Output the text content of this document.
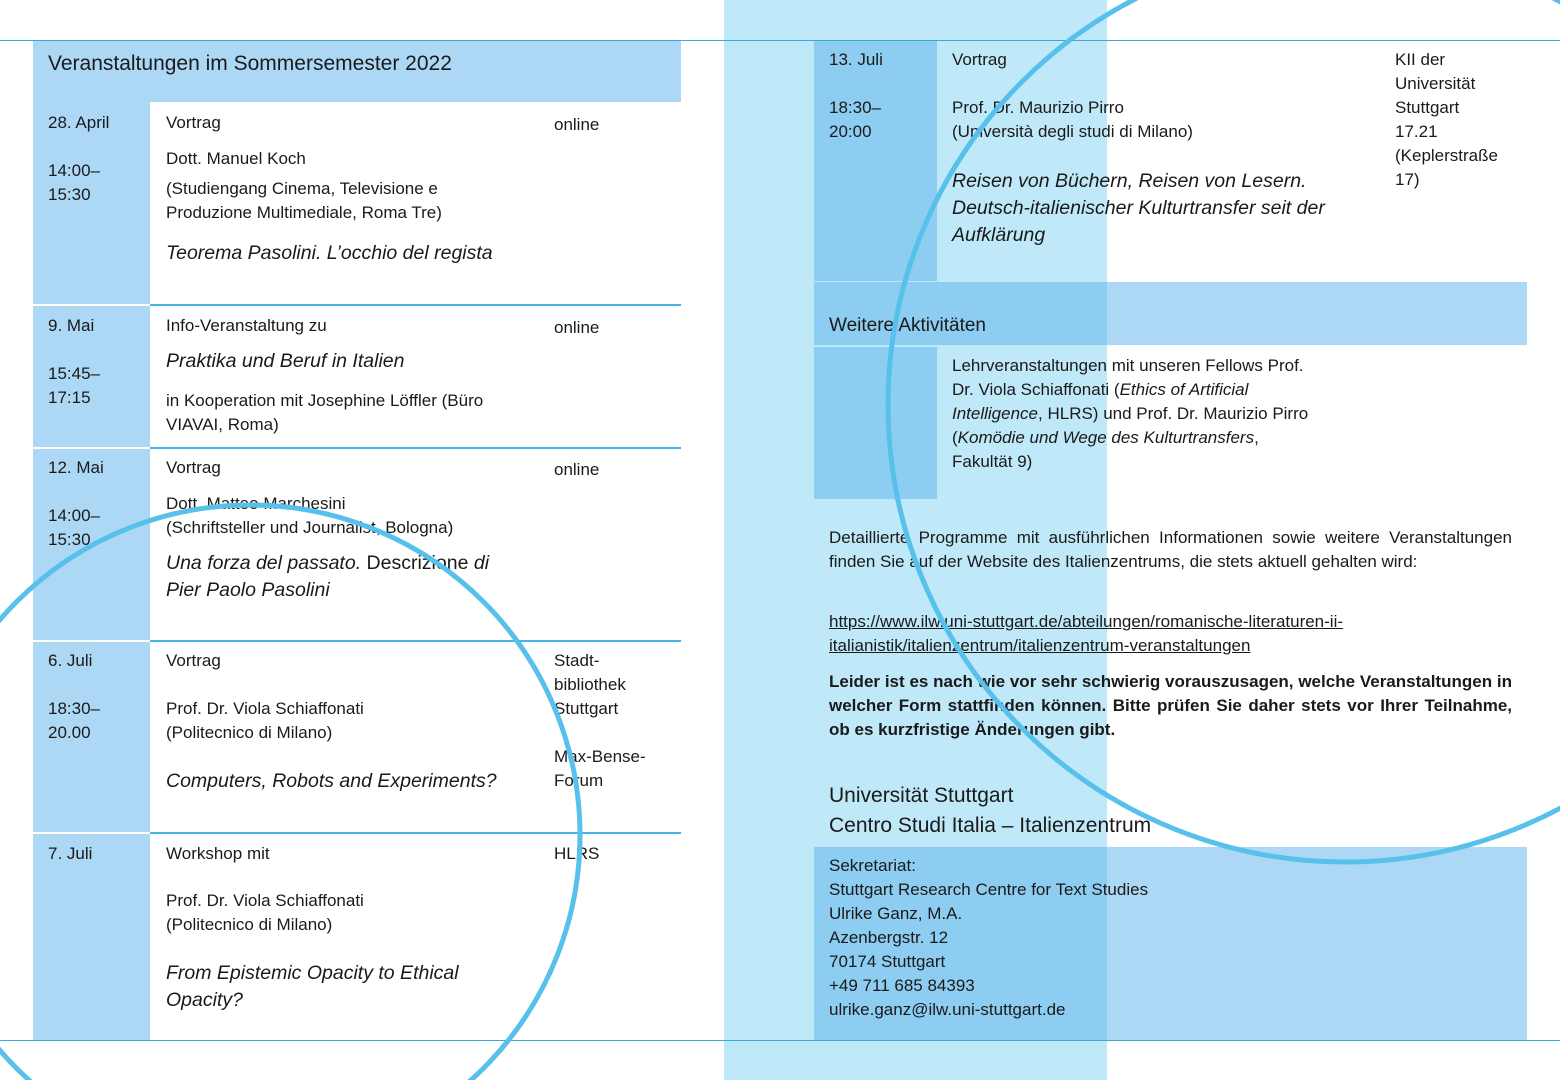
Veranstaltungen im Sommersemester 2022
28. April
14:00–
15:30
Vortrag
Dott. Manuel Koch
(Studiengang Cinema, Televisione e
Produzione Multimediale, Roma Tre)
Teorema Pasolini. L’occhio del regista
online
9. Mai
15:45–
17:15
Info-Veranstaltung zu
Praktika und Beruf in Italien
in Kooperation mit Josephine Löffler (Büro
VIAVAI, Roma)
online
12. Mai
14:00–
15:30
Vortrag
Dott. Matteo Marchesini
(Schriftsteller und Journalist, Bologna)
Una forza del passato. Descrizione di
Pier Paolo Pasolini
online
6. Juli
18:30–
20.00
Vortrag
Prof. Dr. Viola Schiaffonati
(Politecnico di Milano)
Computers, Robots and Experiments?
Stadt-
bibliothek
Stuttgart
Max-Bense-
Forum
7. Juli	Workshop mit
Prof. Dr. Viola Schiaffonati
(Politecnico di Milano)
From Epistemic Opacity to Ethical
Opacity?
HLRS
13. Juli
18:30–
20:00
Vortrag
Prof. Dr. Maurizio Pirro
(Università degli studi di Milano)
Reisen von Büchern, Reisen von Lesern.
Deutsch-italienischer Kulturtransfer seit der
Aufklärung
KII der
Universität
Stuttgart
17.21
(Keplerstraße
17)
Weitere Aktivitäten
Lehrveranstaltungen mit unseren Fellows Prof.
Dr. Viola Schiaffonati (Ethics of Artificial
Intelligence, HLRS) und Prof. Dr. Maurizio Pirro
(Komödie und Wege des Kulturtransfers,
Fakultät 9)
Detaillierte Programme mit ausführlichen Informationen sowie weitere Veranstaltungen finden Sie auf der Website des Italienzentrums, die stets aktuell gehalten wird:
https://www.ilw.uni-stuttgart.de/abteilungen/romanische-literaturen-ii-
italianistik/italienzentrum/italienzentrum-veranstaltungen
Leider ist es nach wie vor sehr schwierig vorauszusagen, welche Veranstaltungen in welcher Form stattfinden können. Bitte prüfen Sie daher stets vor Ihrer Teilnahme, ob es kurzfristige Änderungen gibt.
Universität Stuttgart
Centro Studi Italia – Italienzentrum
Sekretariat:
Stuttgart Research Centre for Text Studies
Ulrike Ganz, M.A.
Azenbergstr. 12
70174 Stuttgart
+49 711 685 84393
ulrike.ganz@ilw.uni-stuttgart.de
